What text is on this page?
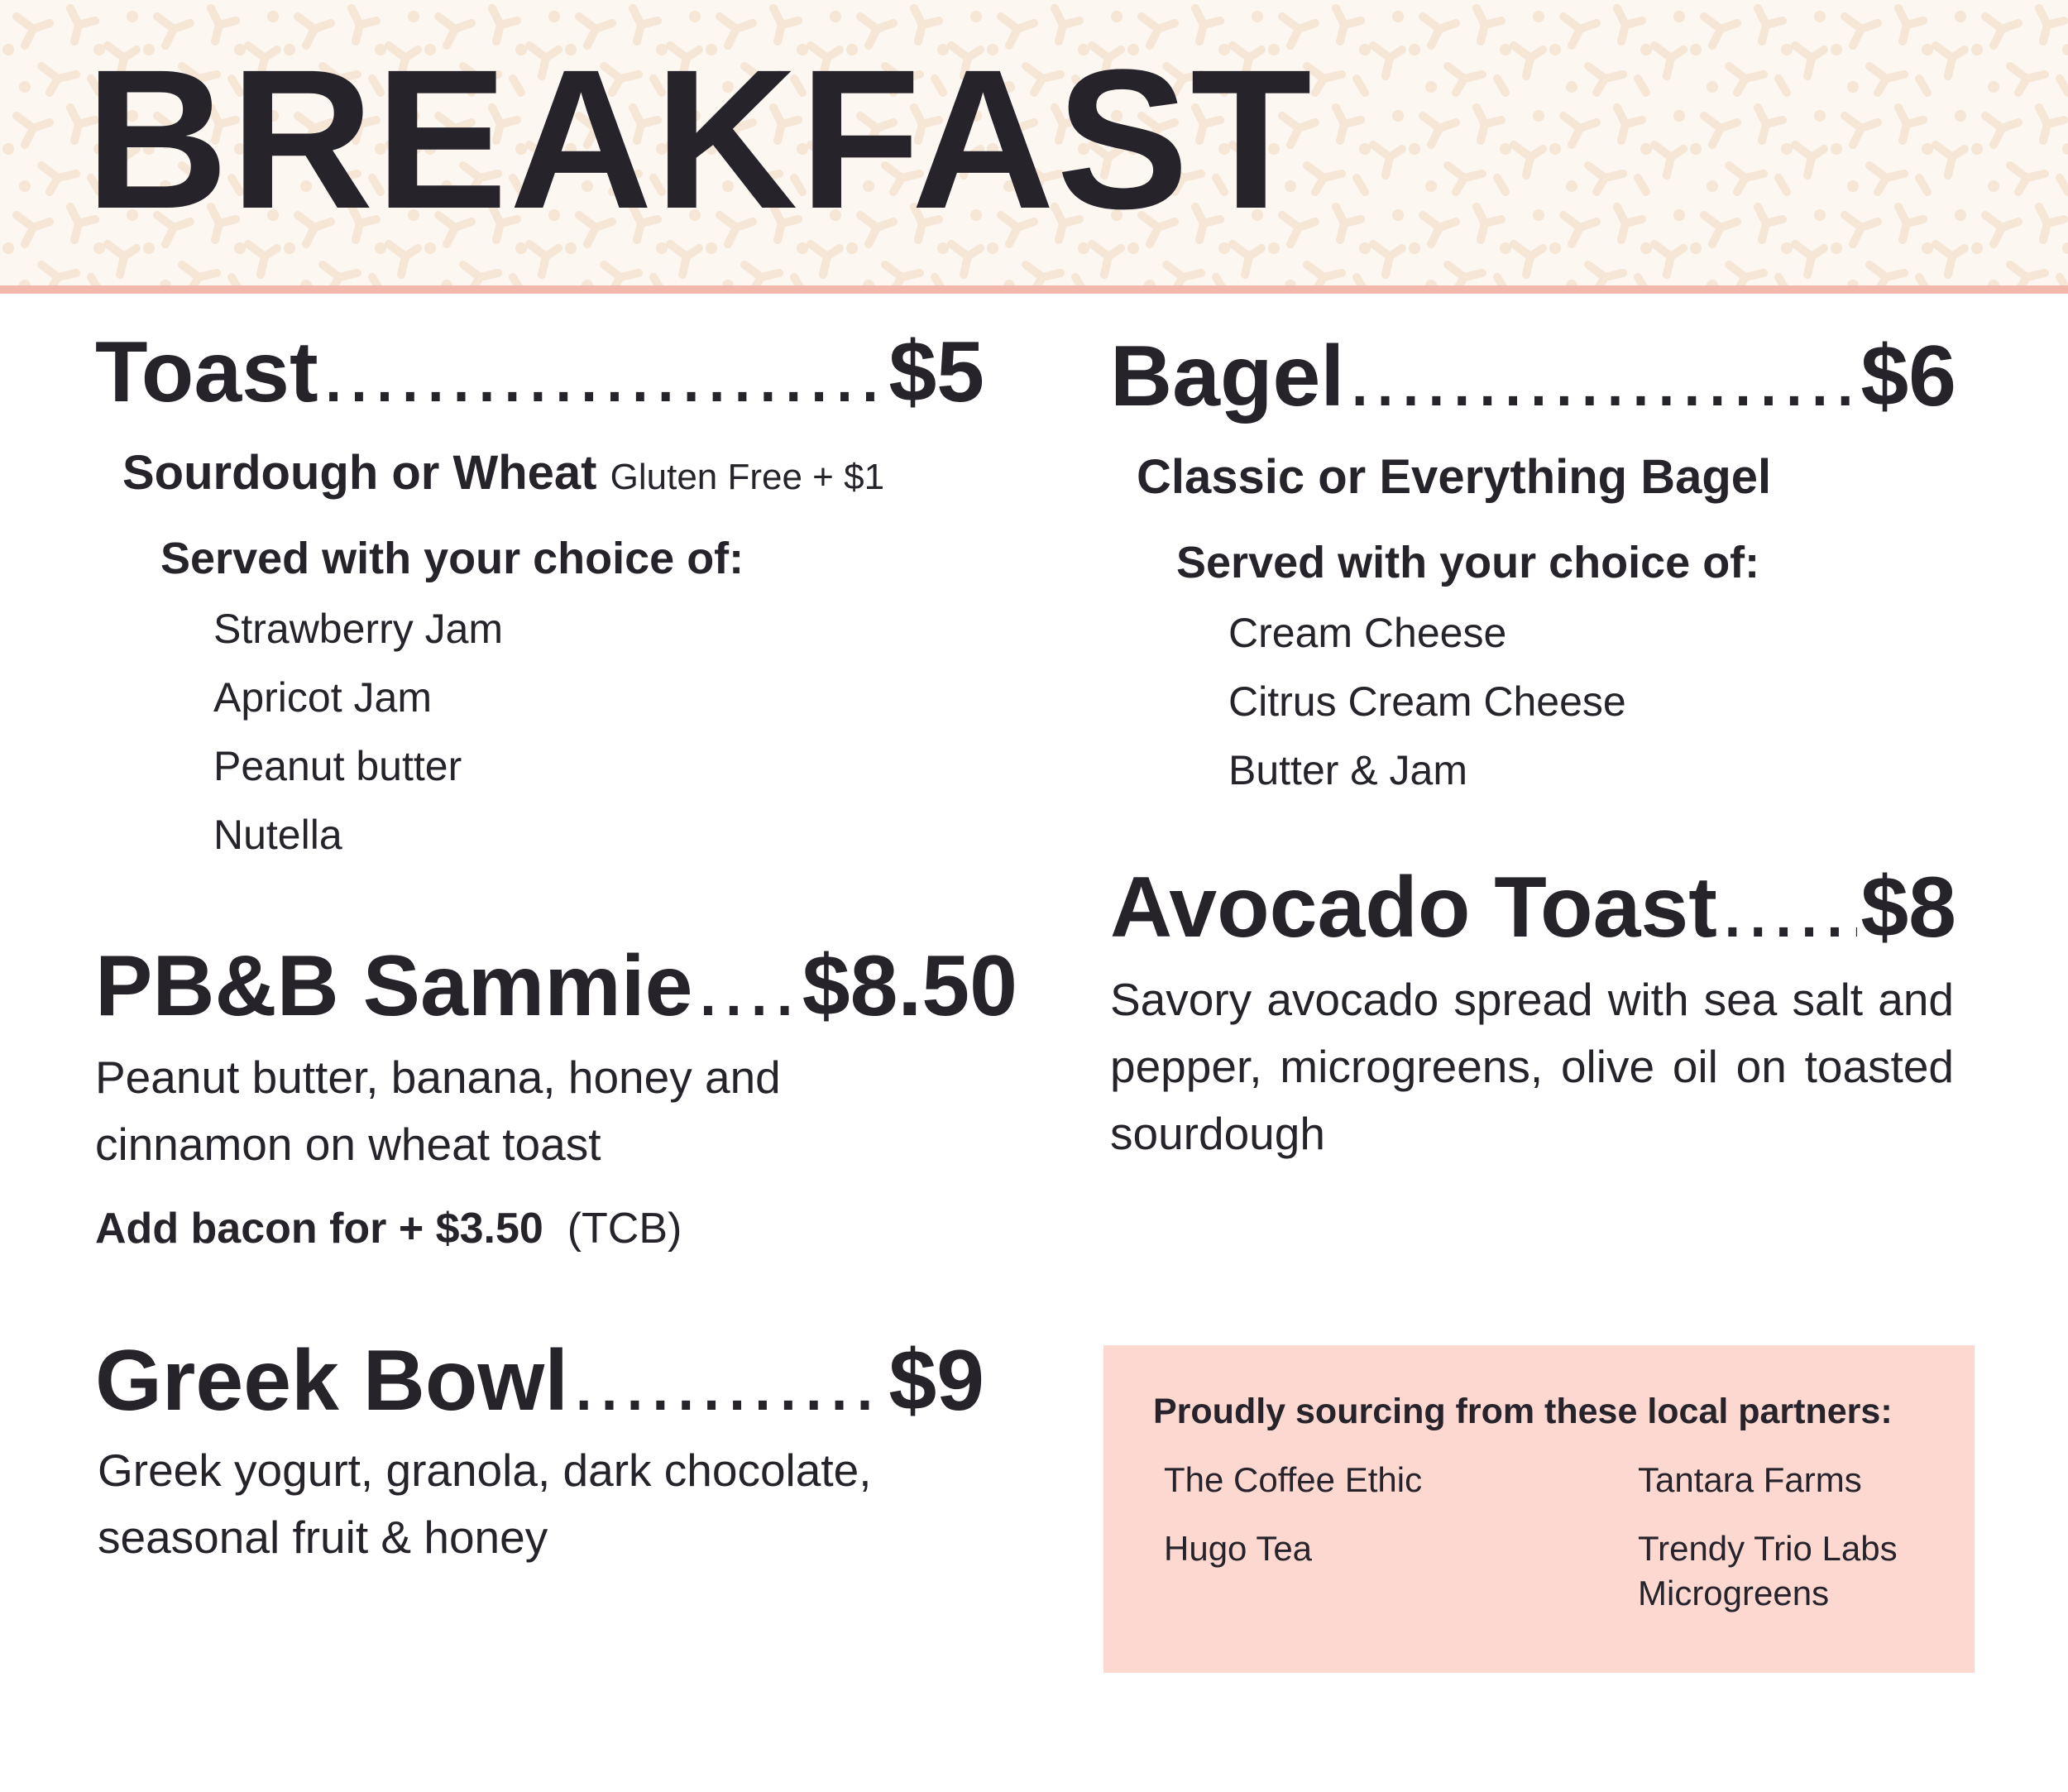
BREAKFAST
Toast .....	$5
Sourdough or Wheat Gluten Free + $1
Served with your choice of:
Strawberry Jam
Apricot Jam
Peanut butter
Nutella
Bagel .....	$6
Classic or Everything Bagel
Served with your choice of:
Cream Cheese
Citrus Cream Cheese
Butter & Jam
PB&B Sammie ..... $8.50
Peanut butter, banana, honey and
cinnamon on wheat toast
Add bacon for + $3.50 (TCB)
Avocado Toast ..... $8
Savory avocado spread with sea salt and pepper, microgreens, olive oil on toasted sourdough
Greek Bowl .....	$9
Greek yogurt, granola, dark chocolate,
seasonal fruit & honey
Proudly sourcing from these local partners:
The Coffee Ethic
Hugo Tea
Tantara Farms
Trendy Trio Labs
Microgreens
